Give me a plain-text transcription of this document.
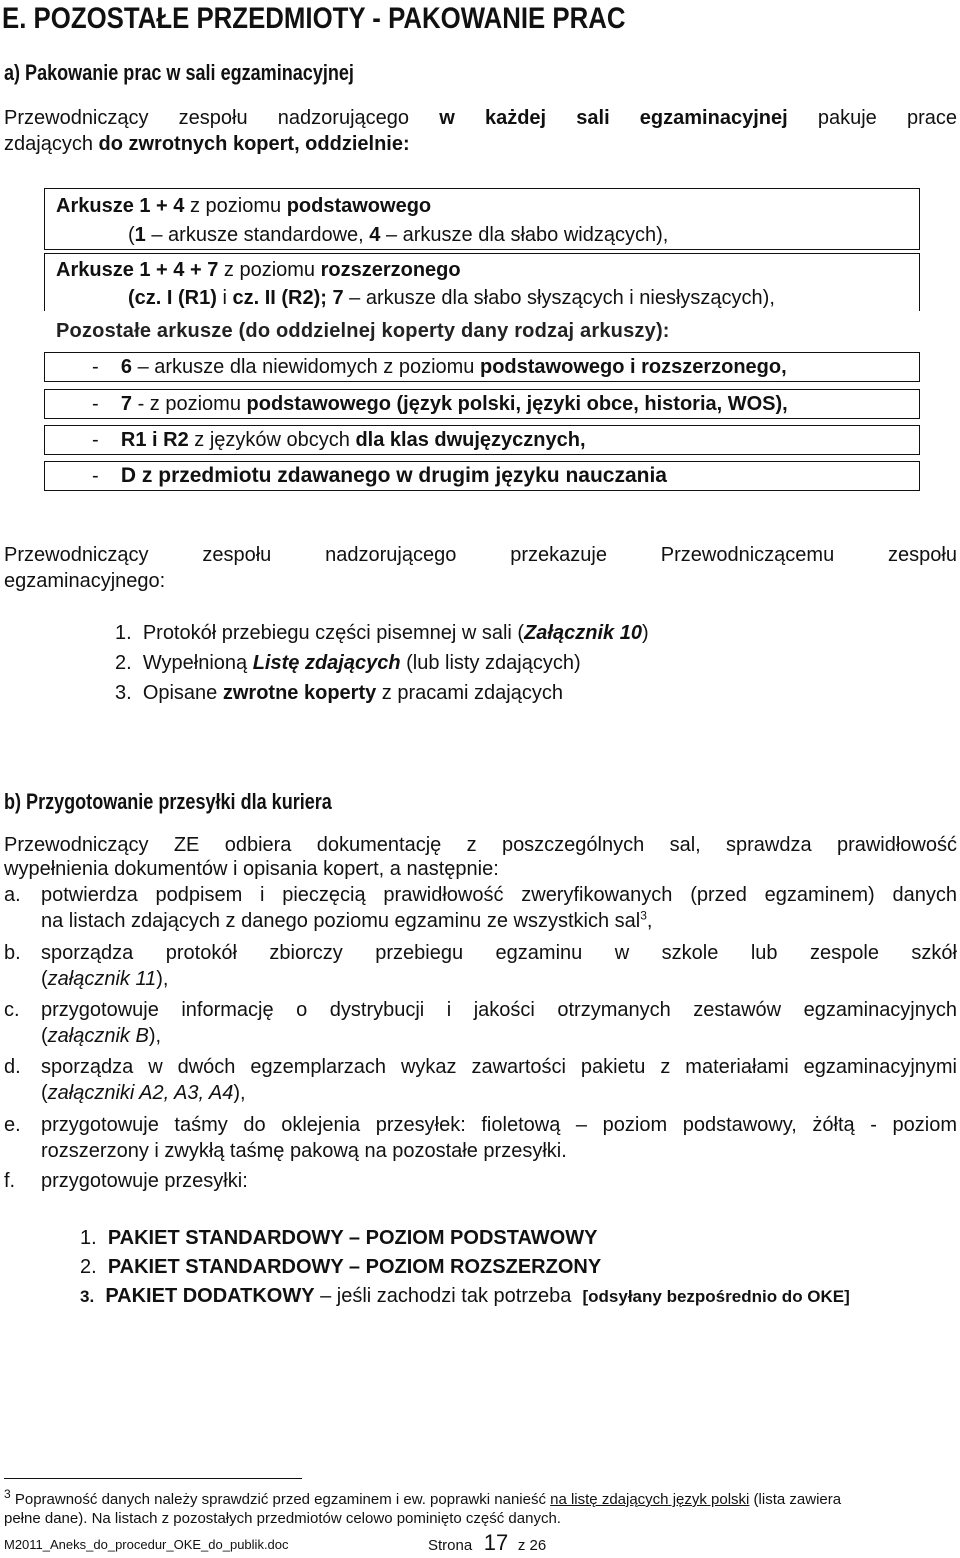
E. POZOSTAŁE PRZEDMIOTY - PAKOWANIE PRAC
a) Pakowanie prac w sali egzaminacyjnej
Przewodniczący zespołu nadzorującego w każdej sali egzaminacyjnej pakuje prace
zdających do zwrotnych kopert, oddzielnie:
Arkusze 1 + 4 z poziomu podstawowego
(1 – arkusze standardowe, 4 – arkusze dla słabo widzących),
Arkusze 1 + 4 + 7 z poziomu rozszerzonego
(cz. I (R1) i cz. II (R2); 7 – arkusze dla słabo słyszących i niesłyszących),
Pozostałe arkusze (do oddzielnej koperty dany rodzaj arkuszy):
- 6 – arkusze dla niewidomych z poziomu podstawowego i rozszerzonego,
- 7 - z poziomu podstawowego (język polski, języki obce, historia, WOS),
- R1 i R2 z języków obcych dla klas dwujęzycznych,
- D z przedmiotu zdawanego w drugim języku nauczania
Przewodniczący zespołu nadzorującego przekazuje Przewodniczącemu zespołu
egzaminacyjnego:
1. Protokół przebiegu części pisemnej w sali (Załącznik 10)
2. Wypełnioną Listę zdających (lub listy zdających)
3. Opisane zwrotne koperty z pracami zdających
b) Przygotowanie przesyłki dla kuriera
Przewodniczący ZE odbiera dokumentację z poszczególnych sal, sprawdza prawidłowość
wypełnienia dokumentów i opisania kopert, a następnie:
a. potwierdza podpisem i pieczęcią prawidłowość zweryfikowanych (przed egzaminem) danych
na listach zdających z danego poziomu egzaminu ze wszystkich sal$^3$,
b. sporządza protokół zbiorczy przebiegu egzaminu w szkole lub zespole szkół
(załącznik 11),
c. przygotowuje informację o dystrybucji i jakości otrzymanych zestawów egzaminacyjnych
(załącznik B),
d. sporządza w dwóch egzemplarzach wykaz zawartości pakietu z materiałami egzaminacyjnymi
(załączniki A2, A3, A4),
e. przygotowuje taśmy do oklejenia przesyłek: fioletową – poziom podstawowy, żółtą - poziom
rozszerzony i zwykłą taśmę pakową na pozostałe przesyłki.
f. przygotowuje przesyłki:
1. PAKIET STANDARDOWY – POZIOM PODSTAWOWY
2. PAKIET STANDARDOWY – POZIOM ROZSZERZONY
3. PAKIET DODATKOWY – jeśli zachodzi tak potrzeba  [odsyłany bezpośrednio do OKE]
$^3$ Poprawność danych należy sprawdzić przed egzaminem i ew. poprawki nanieść na listę zdających język polski (lista zawiera
pełne dane). Na listach z pozostałych przedmiotów celowo pominięto część danych.
M2011_Aneks_do_procedur_OKE_do_publik.doc	Strona 17 z 26
